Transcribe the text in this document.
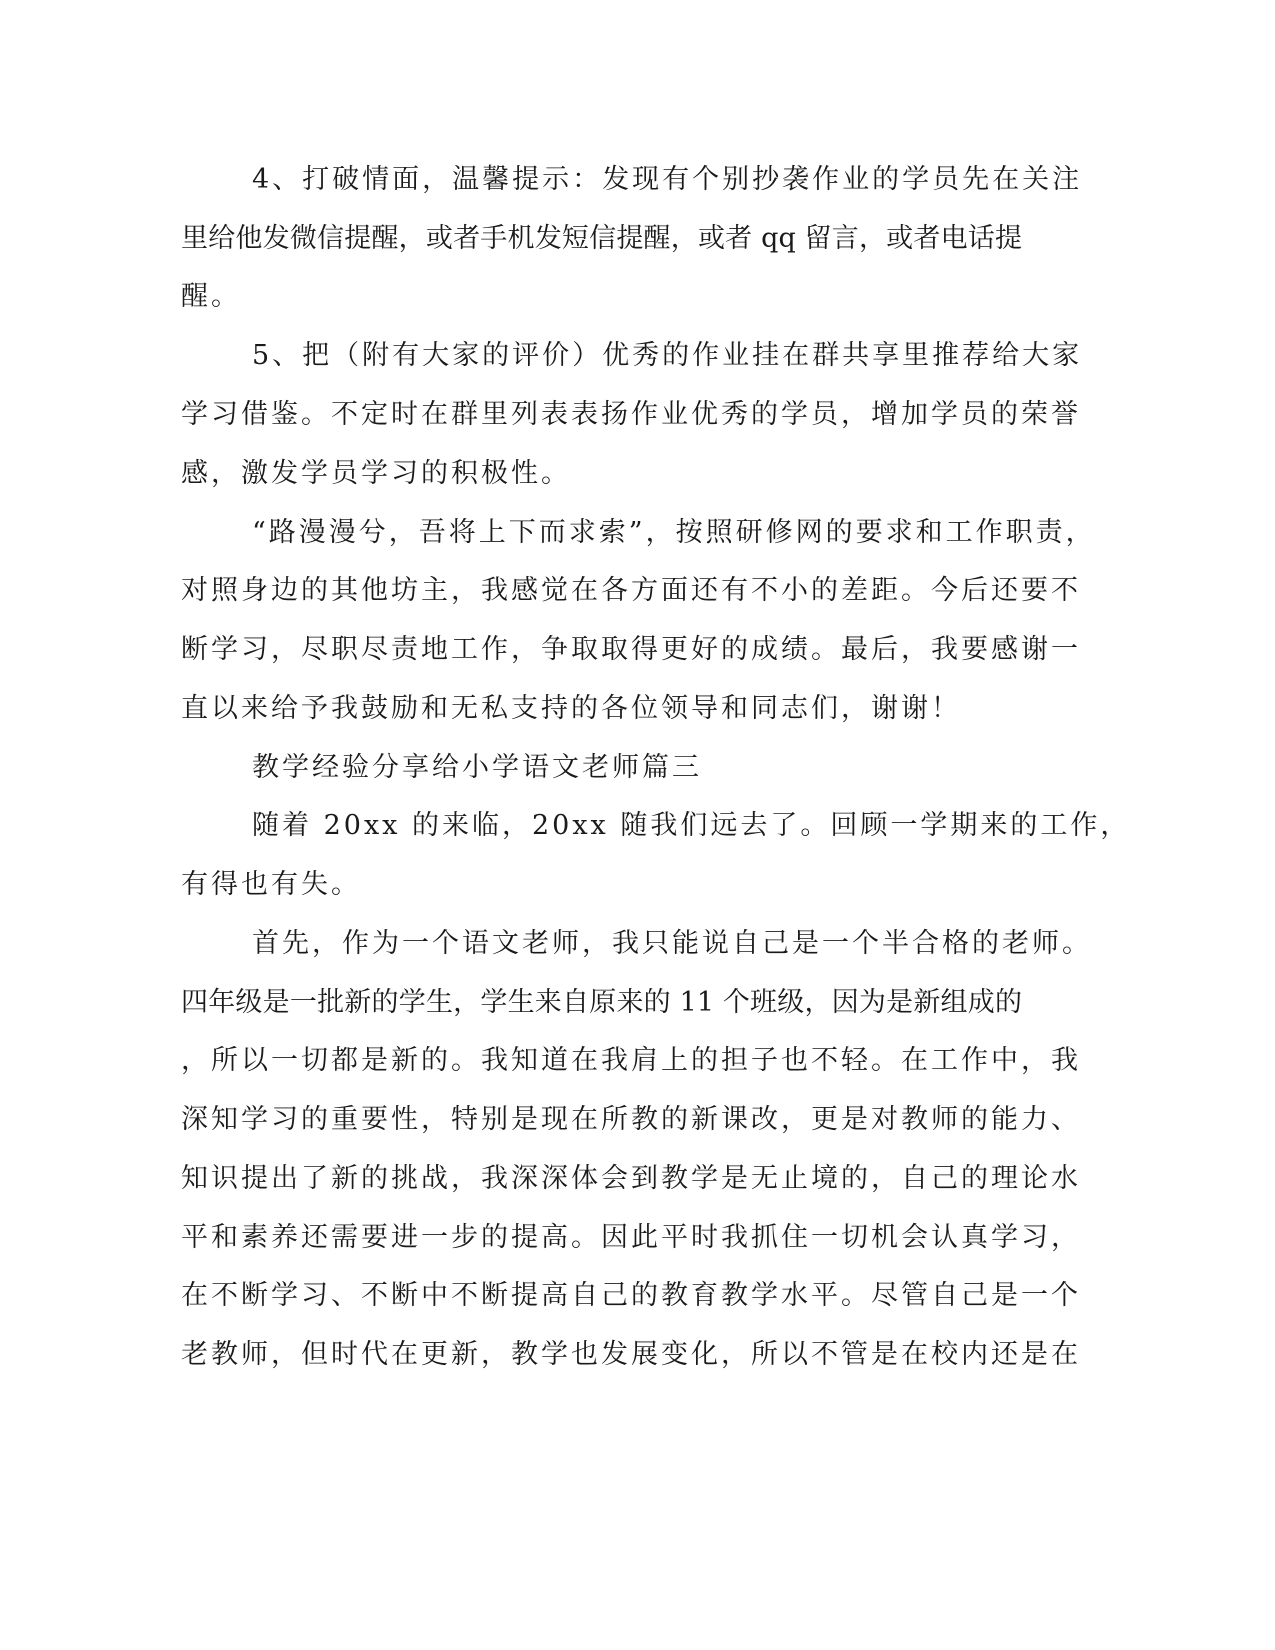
4、打破情面，温馨提示：发现有个别抄袭作业的学员先在关注
里给他发微信提醒，或者手机发短信提醒，或者 qq 留言，或者电话提
醒。
5、把（附有大家的评价）优秀的作业挂在群共享里推荐给大家
学习借鉴。不定时在群里列表表扬作业优秀的学员，增加学员的荣誉
感，激发学员学习的积极性。
“路漫漫兮，吾将上下而求索”，按照研修网的要求和工作职责，
对照身边的其他坊主，我感觉在各方面还有不小的差距。今后还要不
断学习，尽职尽责地工作，争取取得更好的成绩。最后，我要感谢一
直以来给予我鼓励和无私支持的各位领导和同志们，谢谢！
教学经验分享给小学语文老师篇三
随着 20xx 的来临，20xx 随我们远去了。回顾一学期来的工作，
有得也有失。
首先，作为一个语文老师，我只能说自己是一个半合格的老师。
四年级是一批新的学生，学生来自原来的 11 个班级，因为是新组成的
，所以一切都是新的。我知道在我肩上的担子也不轻。在工作中，我
深知学习的重要性，特别是现在所教的新课改，更是对教师的能力、
知识提出了新的挑战，我深深体会到教学是无止境的，自己的理论水
平和素养还需要进一步的提高。因此平时我抓住一切机会认真学习，
在不断学习、不断中不断提高自己的教育教学水平。尽管自己是一个
老教师，但时代在更新，教学也发展变化，所以不管是在校内还是在
